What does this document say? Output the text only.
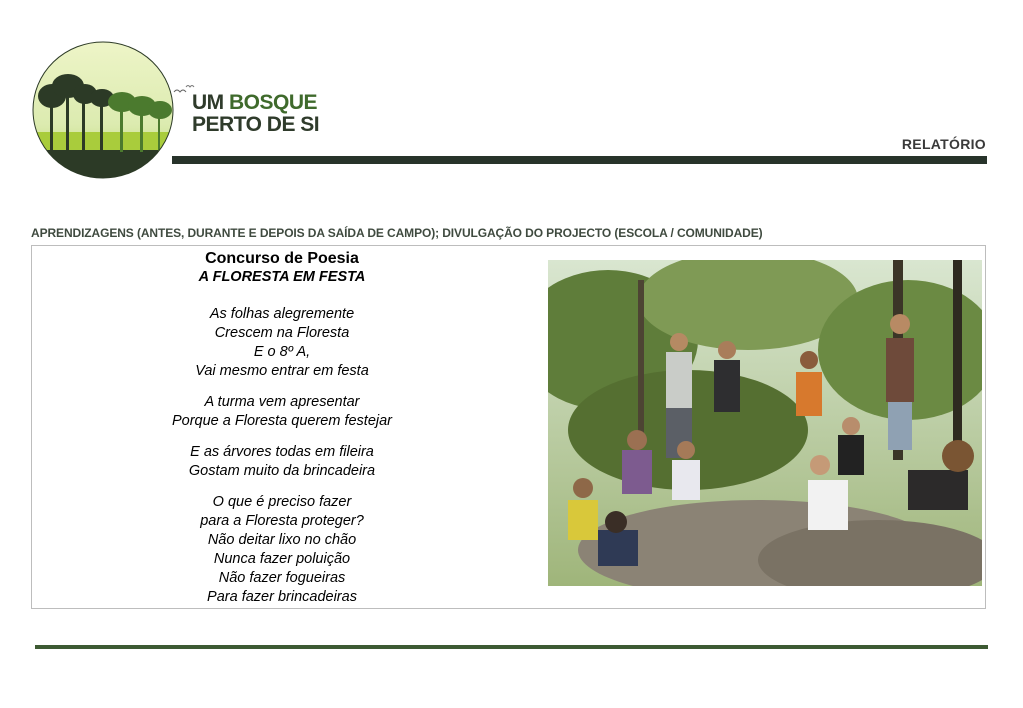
UM BOSQUE
PERTO DE SI
RELATÓRIO
APRENDIZAGENS (ANTES, DURANTE E DEPOIS DA SAÍDA DE CAMPO); DIVULGAÇÃO DO PROJECTO (ESCOLA / COMUNIDADE)
Concurso de Poesia
A FLORESTA EM FESTA
As folhas alegremente
Crescem na Floresta
E o 8º A,
Vai mesmo entrar em festa
A turma vem apresentar
Porque a Floresta querem festejar
E as árvores todas em fileira
Gostam muito da brincadeira
O que é preciso fazer
para a Floresta proteger?
Não deitar lixo no chão
Nunca fazer poluição
Não fazer fogueiras
Para fazer brincadeiras
